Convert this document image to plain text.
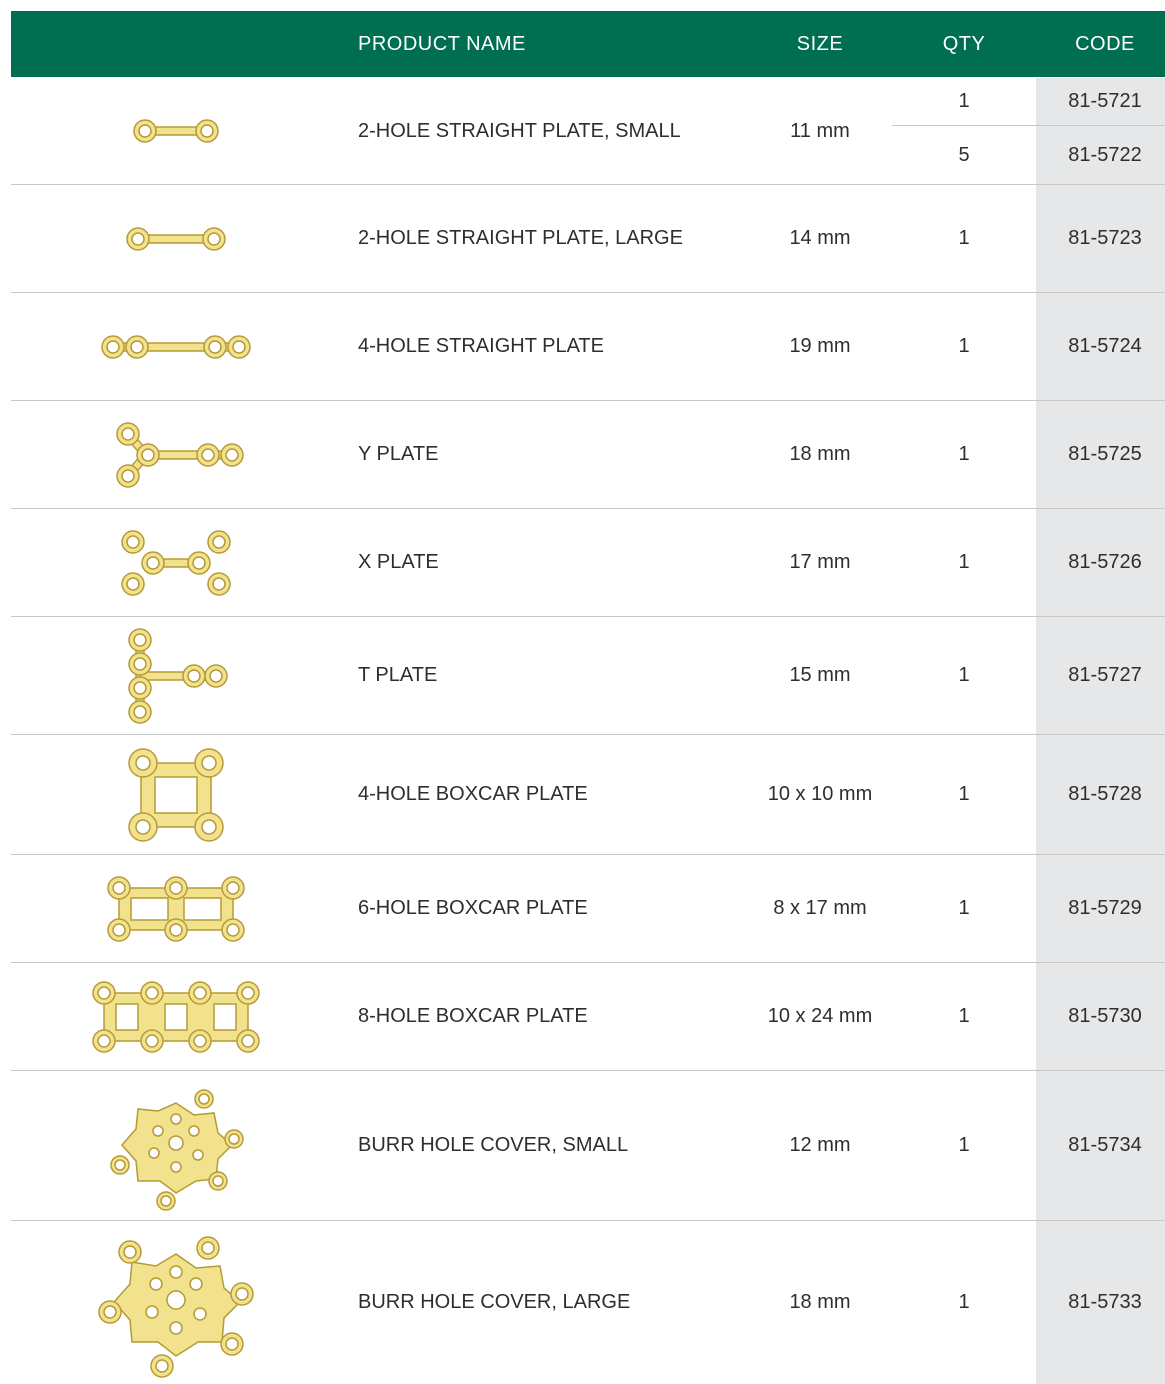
PRODUCT NAME	SIZE	QTY	CODE
2-HOLE STRAIGHT PLATE, SMALL	11 mm
1	81-5721
5	81-5722
2-HOLE STRAIGHT PLATE, LARGE	14 mm	1	81-5723
4-HOLE STRAIGHT PLATE	19 mm	1	81-5724
Y PLATE	18 mm	1	81-5725
X PLATE	17 mm	1	81-5726
T PLATE	15 mm	1	81-5727
4-HOLE BOXCAR PLATE	10 x 10 mm	1	81-5728
6-HOLE BOXCAR PLATE	8 x 17 mm	1	81-5729
8-HOLE BOXCAR PLATE	10 x 24 mm	1	81-5730
BURR HOLE COVER, SMALL	12 mm	1	81-5734
BURR HOLE COVER, LARGE	18 mm	1	81-5733
